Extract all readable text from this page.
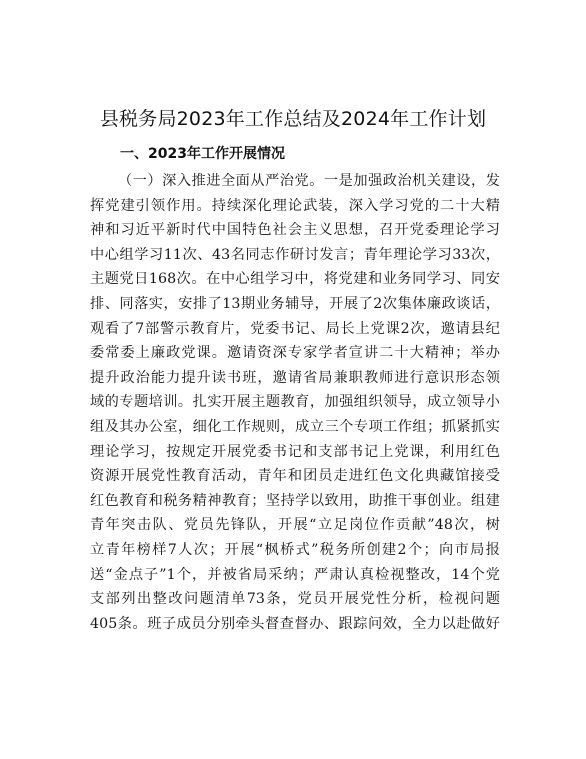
县税务局2023年工作总结及2024年工作计划
一、2023年工作开展情况
（一）深入推进全面从严治党。一是加强政治机关建设，发
挥党建引领作用。持续深化理论武装，深入学习党的二十大精
神和习近平新时代中国特色社会主义思想，召开党委理论学习
中心组学习11次、43名同志作研讨发言；青年理论学习33次，
主题党日168次。在中心组学习中，将党建和业务同学习、同安
排、同落实，安排了13期业务辅导，开展了2次集体廉政谈话，
观看了7部警示教育片，党委书记、局长上党课2次，邀请县纪
委常委上廉政党课。邀请资深专家学者宣讲二十大精神；举办
提升政治能力提升读书班，邀请省局兼职教师进行意识形态领
域的专题培训。扎实开展主题教育，加强组织领导，成立领导小
组及其办公室，细化工作规则，成立三个专项工作组；抓紧抓实
理论学习，按规定开展党委书记和支部书记上党课，利用红色
资源开展党性教育活动，青年和团员走进红色文化典藏馆接受
红色教育和税务精神教育；坚持学以致用，助推干事创业。组建
青年突击队、党员先锋队，开展“立足岗位作贡献”48次，树
立青年榜样7人次；开展“枫桥式”税务所创建2个；向市局报
送“金点子”1个，并被省局采纳；严肃认真检视整改，14个党
支部列出整改问题清单73条，党员开展党性分析，检视问题
405条。班子成员分别牵头督查督办、跟踪问效，全力以赴做好
